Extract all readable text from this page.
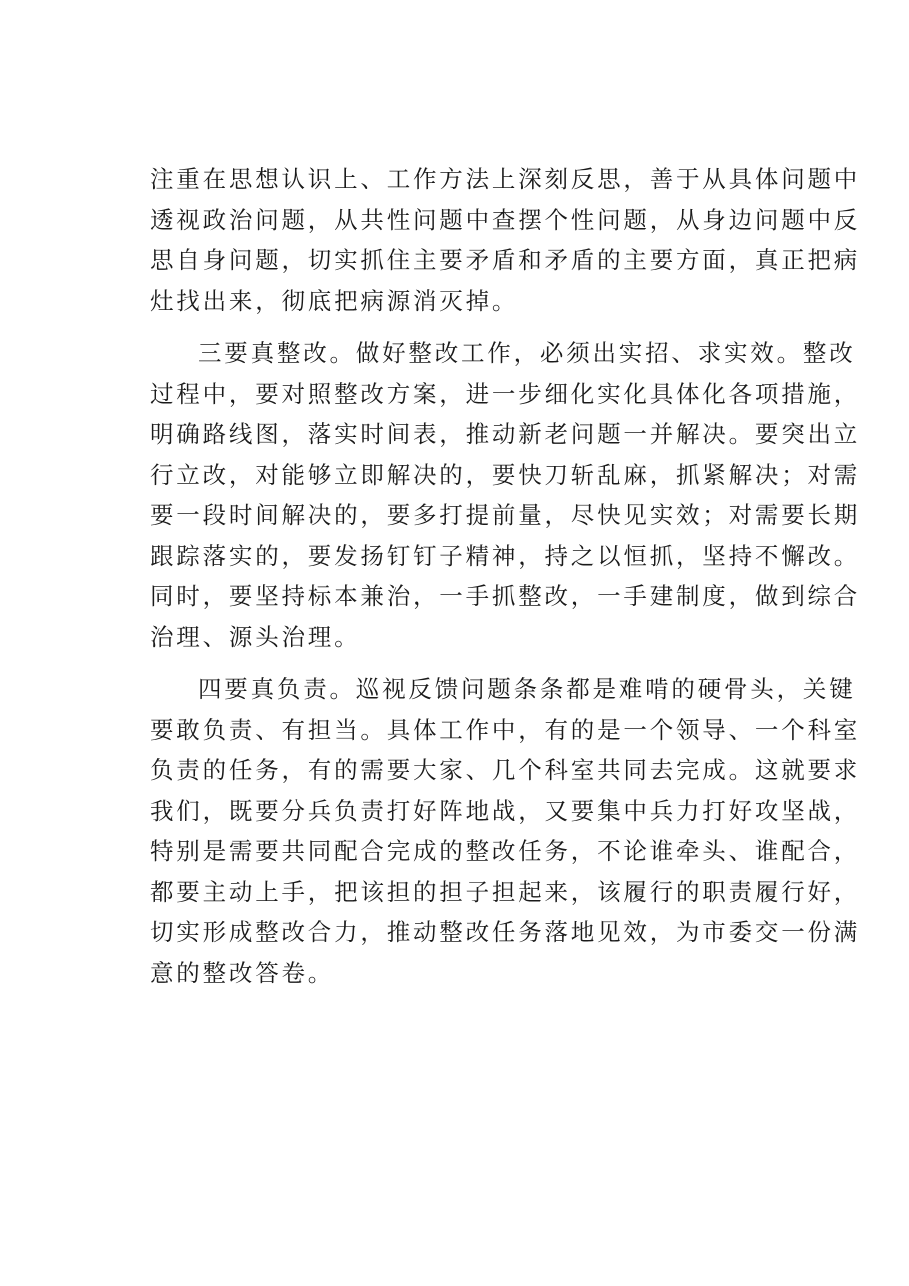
注重在思想认识上、工作方法上深刻反思，善于从具体问题中
透视政治问题，从共性问题中查摆个性问题，从身边问题中反
思自身问题，切实抓住主要矛盾和矛盾的主要方面，真正把病
灶找出来，彻底把病源消灭掉。
三要真整改。做好整改工作，必须出实招、求实效。整改
过程中，要对照整改方案，进一步细化实化具体化各项措施，
明确路线图，落实时间表，推动新老问题一并解决。要突出立
行立改，对能够立即解决的，要快刀斩乱麻，抓紧解决；对需
要一段时间解决的，要多打提前量，尽快见实效；对需要长期
跟踪落实的，要发扬钉钉子精神，持之以恒抓，坚持不懈改。
同时，要坚持标本兼治，一手抓整改，一手建制度，做到综合
治理、源头治理。
四要真负责。巡视反馈问题条条都是难啃的硬骨头，关键
要敢负责、有担当。具体工作中，有的是一个领导、一个科室
负责的任务，有的需要大家、几个科室共同去完成。这就要求
我们，既要分兵负责打好阵地战，又要集中兵力打好攻坚战，
特别是需要共同配合完成的整改任务，不论谁牵头、谁配合，
都要主动上手，把该担的担子担起来，该履行的职责履行好，
切实形成整改合力，推动整改任务落地见效，为市委交一份满
意的整改答卷。
